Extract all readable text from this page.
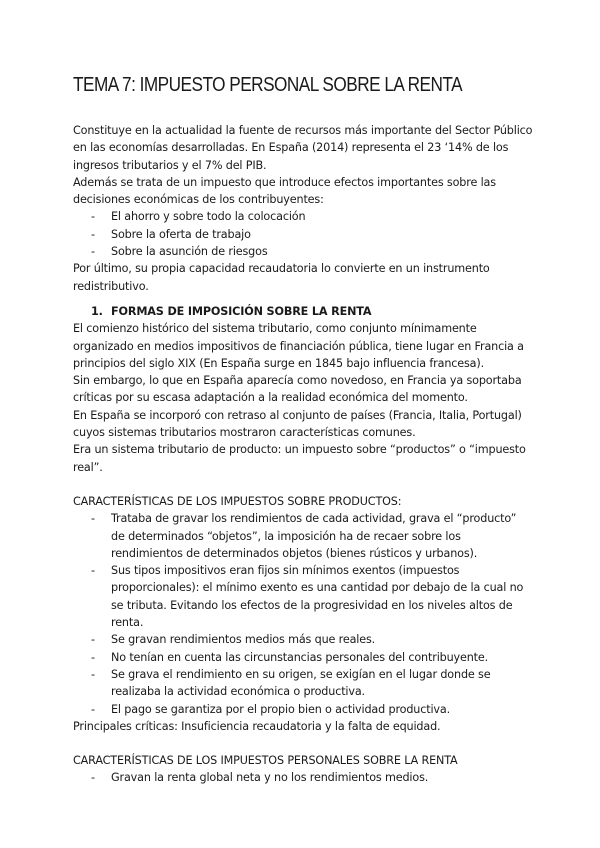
TEMA 7: IMPUESTO PERSONAL SOBRE LA RENTA

Constituye en la actualidad la fuente de recursos más importante del Sector Público en las economías desarrolladas. En España (2014) representa el 23 ‘14% de los ingresos tributarios y el 7% del PIB.

Además se trata de un impuesto que introduce efectos importantes sobre las decisiones económicas de los contribuyentes:

- El ahorro y sobre todo la colocación
- Sobre la oferta de trabajo
- Sobre la asunción de riesgos

Por último, su propia capacidad recaudatoria lo convierte en un instrumento redistributivo.

1. FORMAS DE IMPOSICIÓN SOBRE LA RENTA

El comienzo histórico del sistema tributario, como conjunto mínimamente organizado en medios impositivos de financiación pública, tiene lugar en Francia a principios del siglo XIX (En España surge en 1845 bajo influencia francesa).

Sin embargo, lo que en España aparecía como novedoso, en Francia ya soportaba críticas por su escasa adaptación a la realidad económica del momento.

En España se incorporó con retraso al conjunto de países (Francia, Italia, Portugal) cuyos sistemas tributarios mostraron características comunes.

Era un sistema tributario de producto: un impuesto sobre “productos” o “impuesto real”.

CARACTERÍSTICAS DE LOS IMPUESTOS SOBRE PRODUCTOS:

- Trataba de gravar los rendimientos de cada actividad, grava el “producto” de determinados “objetos”, la imposición ha de recaer sobre los rendimientos de determinados objetos (bienes rústicos y urbanos).
- Sus tipos impositivos eran fijos sin mínimos exentos (impuestos proporcionales): el mínimo exento es una cantidad por debajo de la cual no se tributa. Evitando los efectos de la progresividad en los niveles altos de renta.
- Se gravan rendimientos medios más que reales.
- No tenían en cuenta las circunstancias personales del contribuyente.
- Se grava el rendimiento en su origen, se exigían en el lugar donde se realizaba la actividad económica o productiva.
- El pago se garantiza por el propio bien o actividad productiva.

Principales críticas: Insuficiencia recaudatoria y la falta de equidad.

CARACTERÍSTICAS DE LOS IMPUESTOS PERSONALES SOBRE LA RENTA

- Gravan la renta global neta y no los rendimientos medios.
